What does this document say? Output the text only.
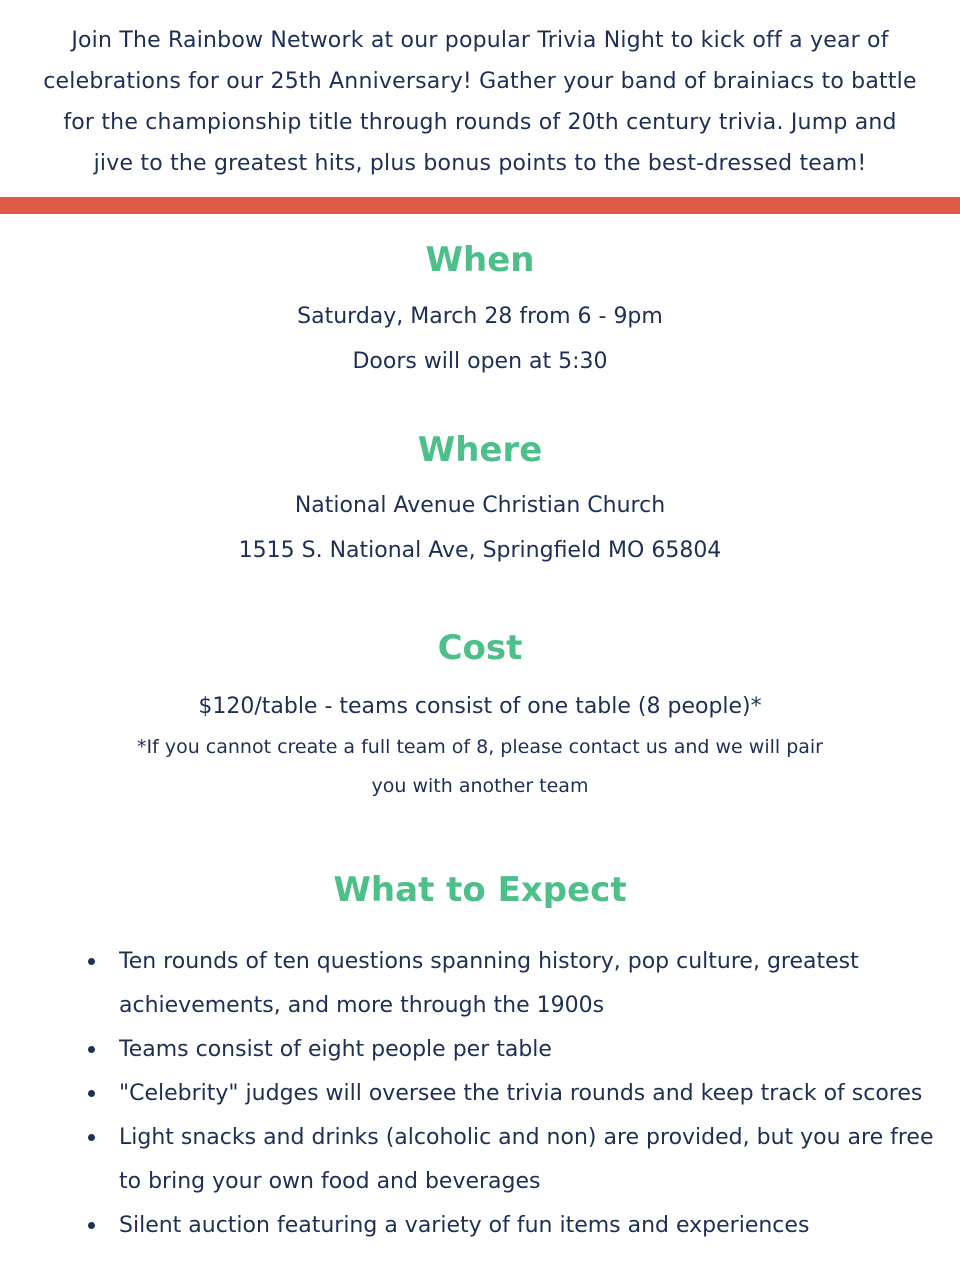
Join The Rainbow Network at our popular Trivia Night to kick off a year of celebrations for our 25th Anniversary! Gather your band of brainiacs to battle for the championship title through rounds of 20th century trivia. Jump and jive to the greatest hits, plus bonus points to the best-dressed team!

When

Saturday, March 28 from 6 - 9pm

Doors will open at 5:30

Where

National Avenue Christian Church

1515 S. National Ave, Springfield MO 65804

Cost

$120/table - teams consist of one table (8 people)*

*If you cannot create a full team of 8, please contact us and we will pair you with another team

What to Expect
Ten rounds of ten questions spanning history, pop culture, greatest achievements, and more through the 1900s
Teams consist of eight people per table
"Celebrity" judges will oversee the trivia rounds and keep track of scores
Light snacks and drinks (alcoholic and non) are provided, but you are free to bring your own food and beverages
Silent auction featuring a variety of fun items and experiences
